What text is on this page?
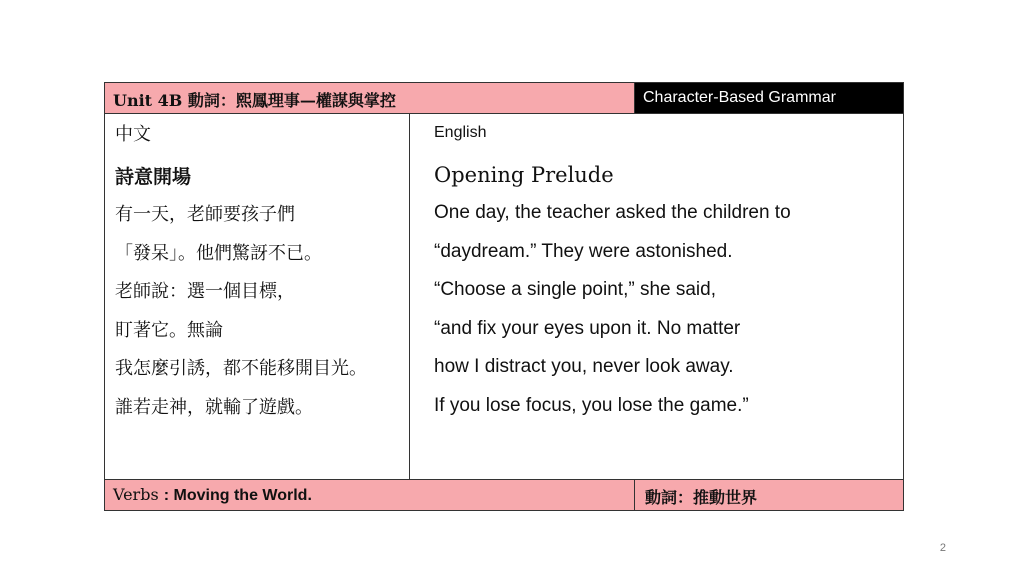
Unit 4B 動詞：熙鳳理事—權謀與掌控	Character-Based Grammar
中文
詩意開場
有一天，老師要孩子們
「發呆」。他們驚訝不已。
老師說：選一個目標，
盯著它。無論
我怎麼引誘，都不能移開目光。
誰若走神，就輸了遊戲。
English
Opening Prelude
One day, the teacher asked the children to
“daydream.” They were astonished.
“Choose a single point,” she said,
“and fix your eyes upon it. No matter
how I distract you, never look away.
If you lose focus, you lose the game.”
Verbs : Moving the World.	動詞：推動世界
2
